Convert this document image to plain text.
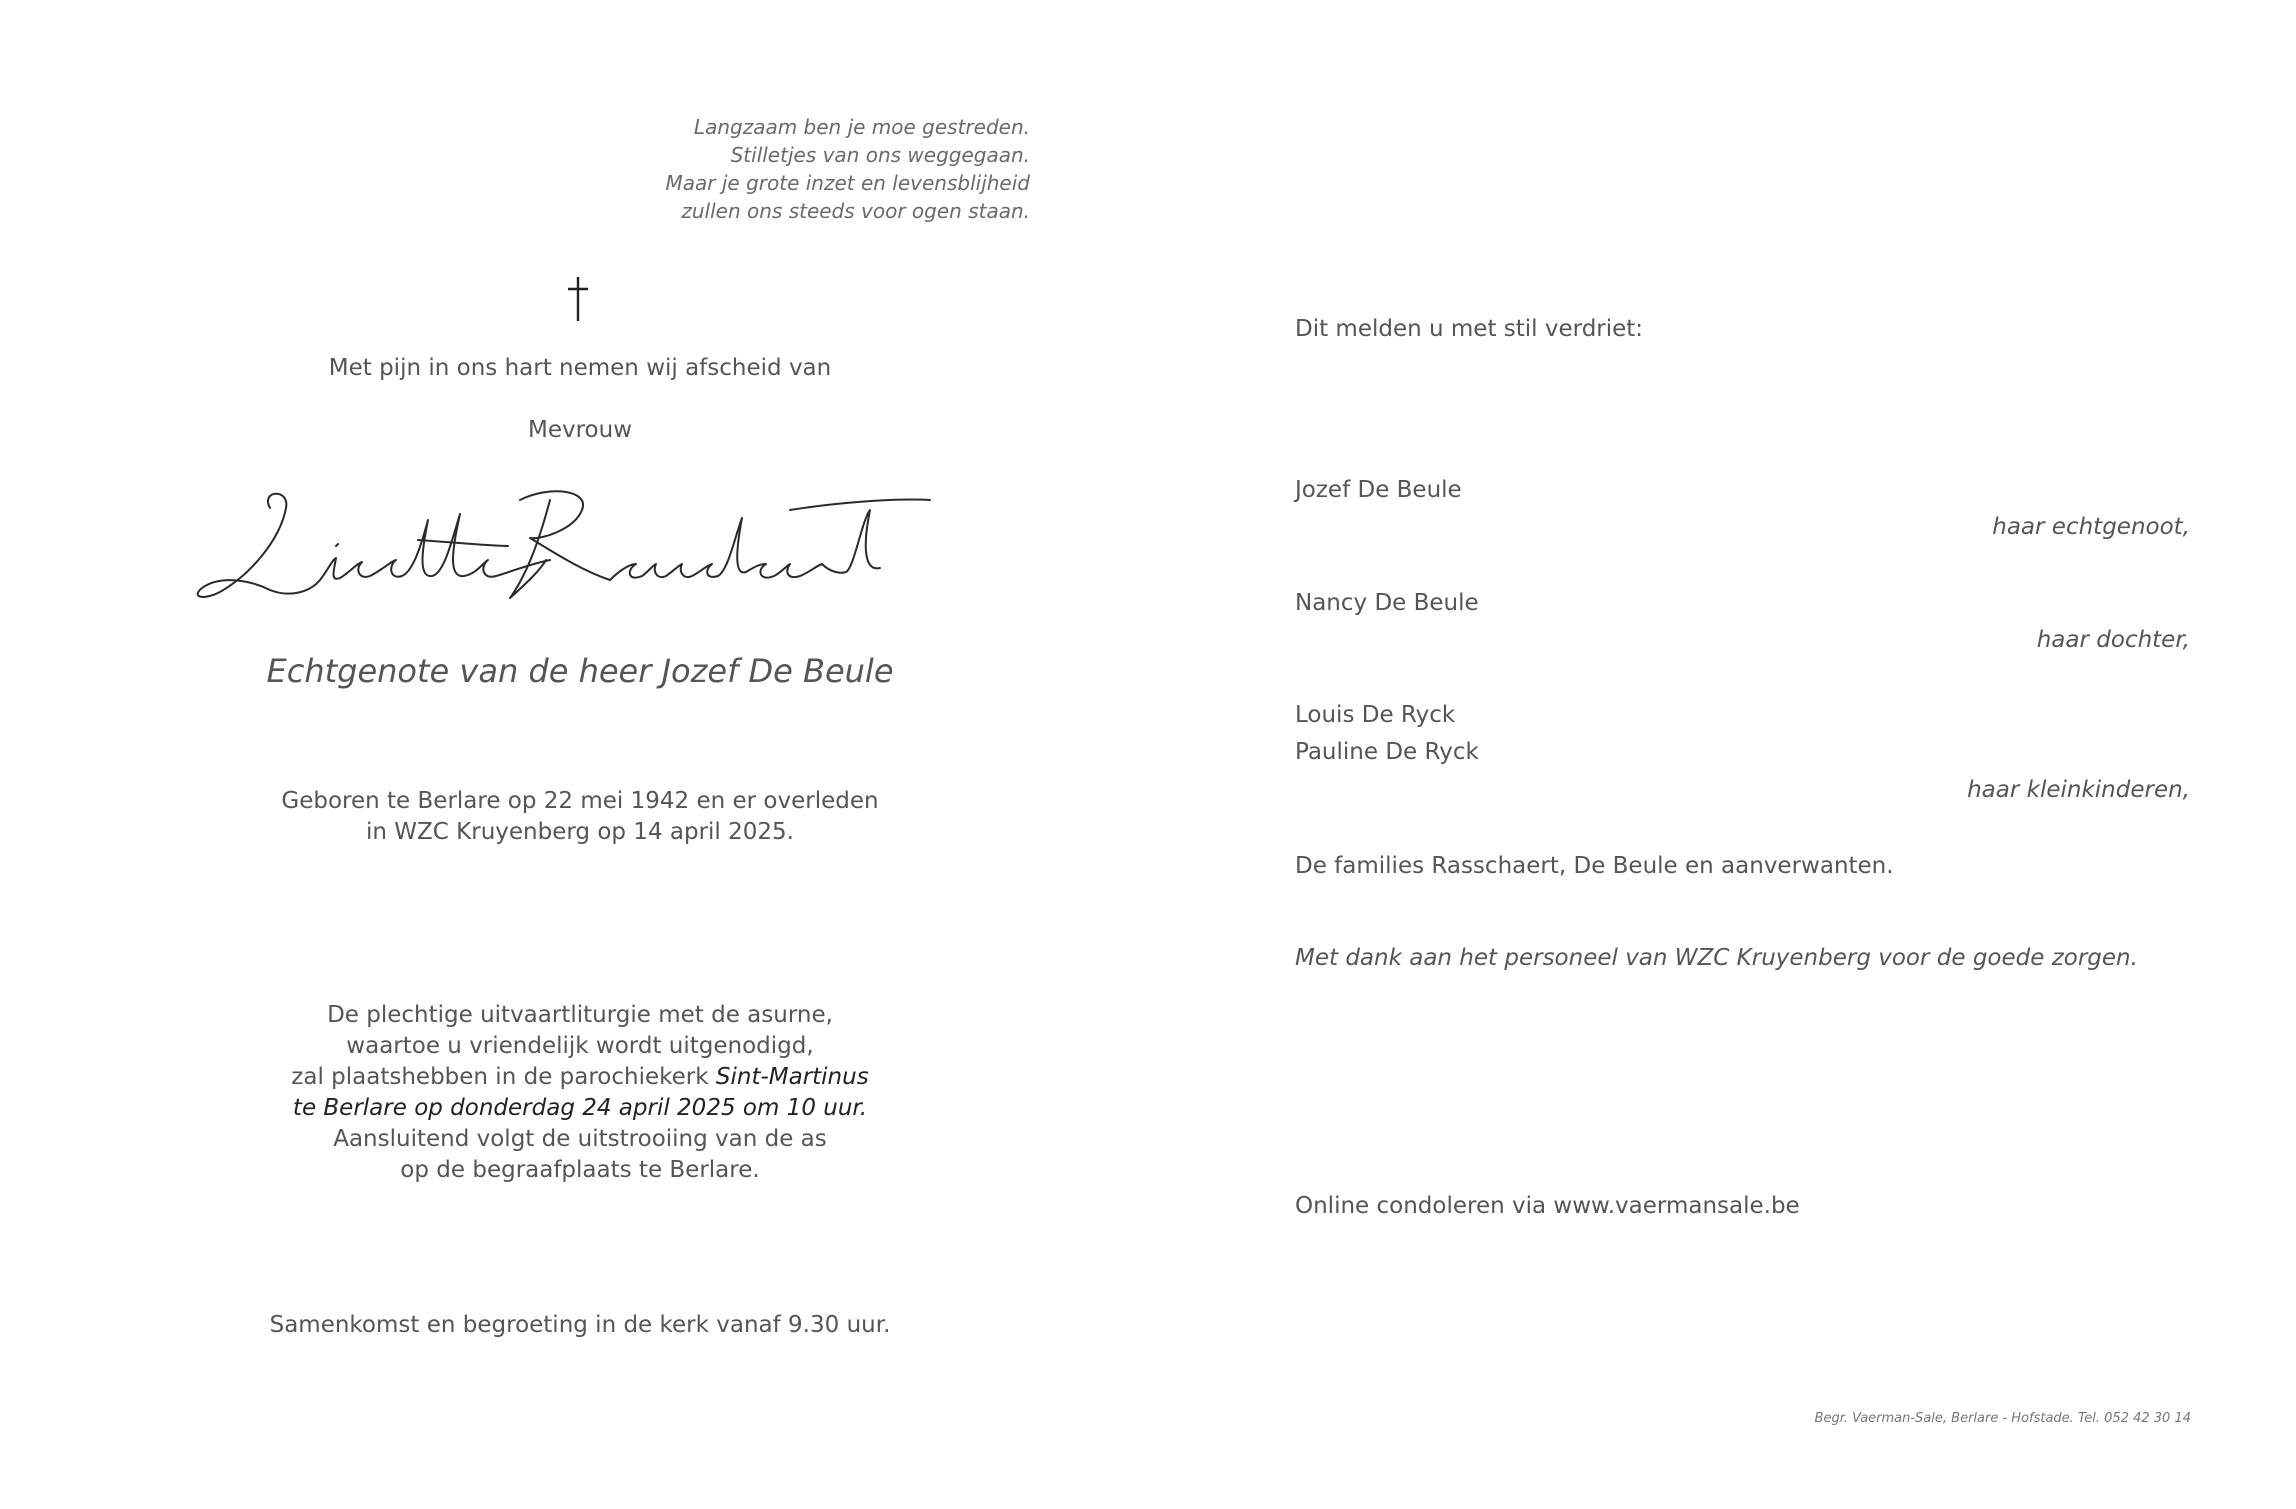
Langzaam ben je moe gestreden.
Stilletjes van ons weggegaan.
Maar je grote inzet en levensblijheid
zullen ons steeds voor ogen staan.
Met pijn in ons hart nemen wij afscheid van
Mevrouw
Echtgenote van de heer Jozef De Beule
Geboren te Berlare op 22 mei 1942 en er overleden
in WZC Kruyenberg op 14 april 2025.
De plechtige uitvaartliturgie met de asurne,
waartoe u vriendelijk wordt uitgenodigd,
zal plaatshebben in de parochiekerk Sint-Martinus
te Berlare op donderdag 24 april 2025 om 10 uur.
Aansluitend volgt de uitstrooiing van de as
op de begraafplaats te Berlare.
Samenkomst en begroeting in de kerk vanaf 9.30 uur.
Dit melden u met stil verdriet:
Jozef De Beule
haar echtgenoot,
Nancy De Beule
haar dochter,
Louis De Ryck
Pauline De Ryck
haar kleinkinderen,
De families Rasschaert, De Beule en aanverwanten.
Met dank aan het personeel van WZC Kruyenberg voor de goede zorgen.
Online condoleren via www.vaermansale.be
Begr. Vaerman-Sale, Berlare - Hofstade. Tel. 052 42 30 14
